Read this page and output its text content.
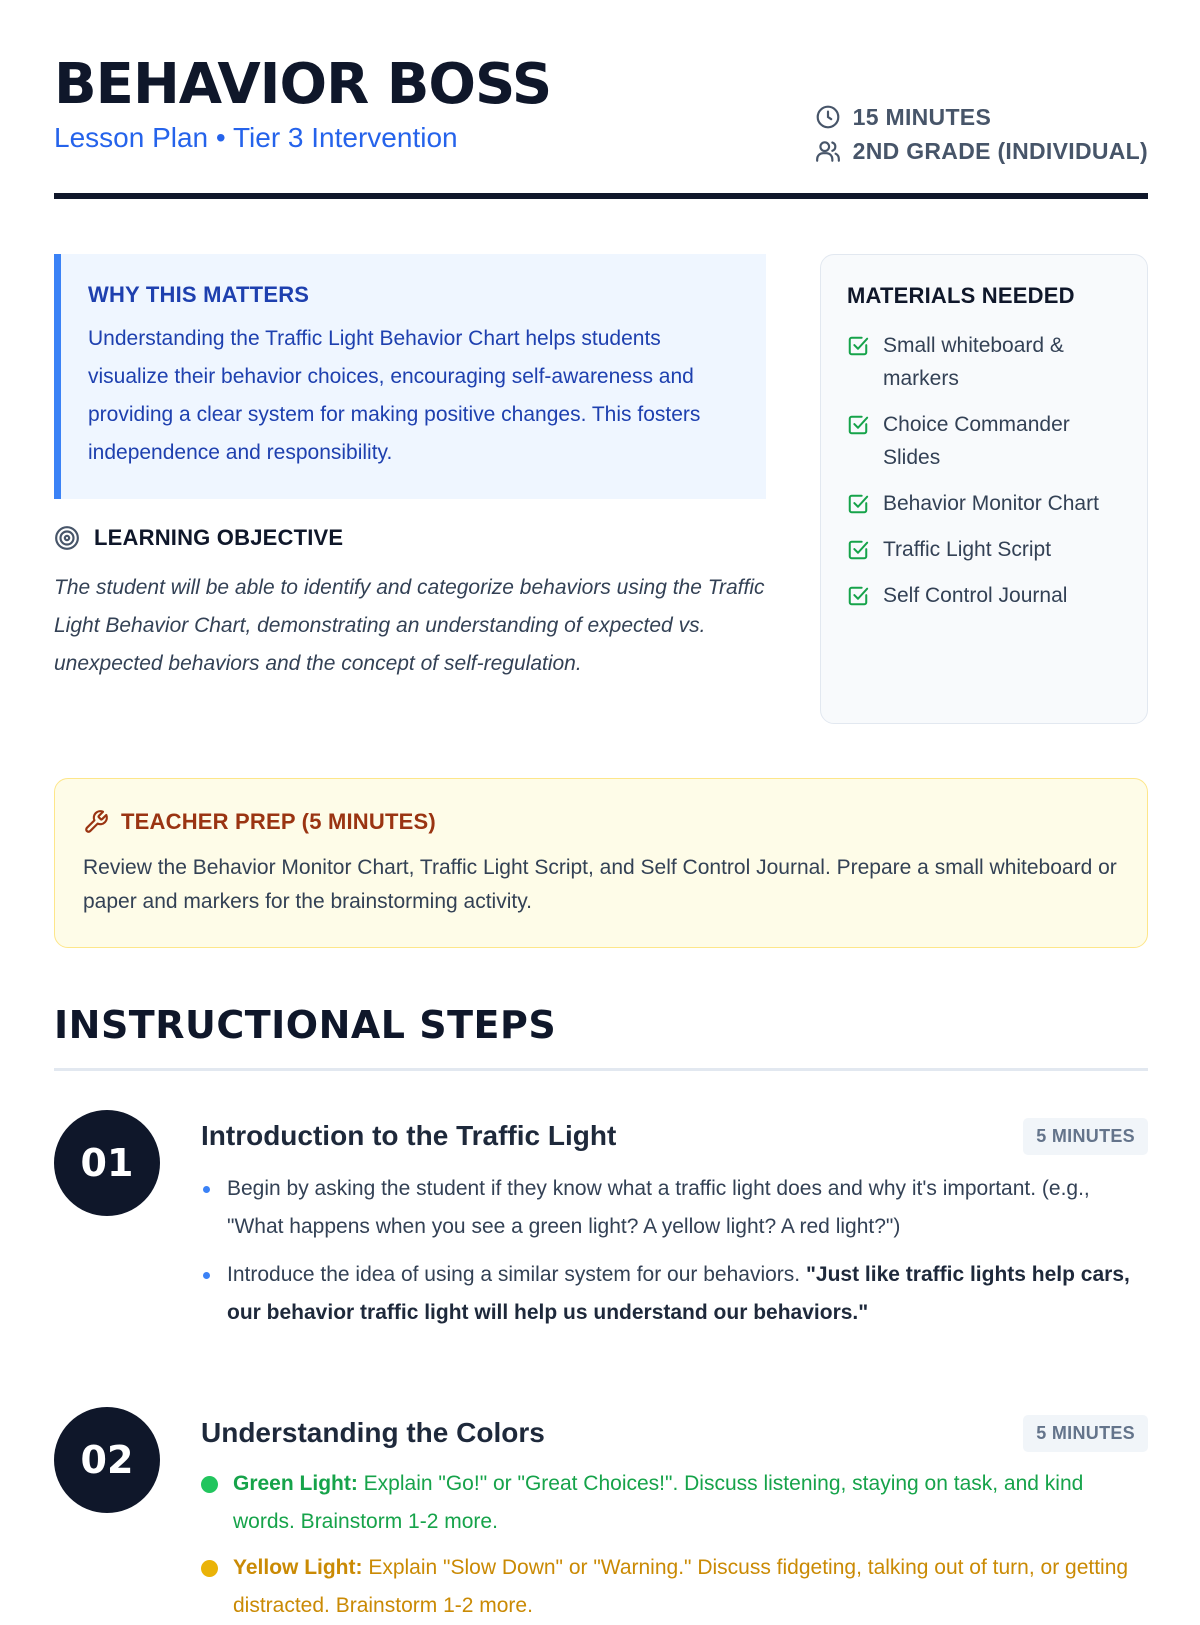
BEHAVIOR BOSS
Lesson Plan • Tier 3 Intervention
15 MINUTES
2ND GRADE (INDIVIDUAL)
WHY THIS MATTERS

Understanding the Traffic Light Behavior Chart helps students visualize their behavior choices, encouraging self-awareness and providing a clear system for making positive changes. This fosters independence and responsibility.

LEARNING OBJECTIVE

The student will be able to identify and categorize behaviors using the Traffic Light Behavior Chart, demonstrating an understanding of expected vs. unexpected behaviors and the concept of self-regulation.

MATERIALS NEEDED
Small whiteboard & markers
Choice Commander Slides
Behavior Monitor Chart
Traffic Light Script
Self Control Journal
TEACHER PREP (5 MINUTES)

Review the Behavior Monitor Chart, Traffic Light Script, and Self Control Journal. Prepare a small whiteboard or paper and markers for the brainstorming activity.

INSTRUCTIONAL STEPS
01
Introduction to the Traffic Light	5 MINUTES
Begin by asking the student if they know what a traffic light does and why it's important. (e.g., "What happens when you see a green light? A yellow light? A red light?")
Introduce the idea of using a similar system for our behaviors. "Just like traffic lights help cars, our behavior traffic light will help us understand our behaviors."
02
Understanding the Colors	5 MINUTES
Green Light: Explain "Go!" or "Great Choices!". Discuss listening, staying on task, and kind words. Brainstorm 1-2 more.
Yellow Light: Explain "Slow Down" or "Warning." Discuss fidgeting, talking out of turn, or getting distracted. Brainstorm 1-2 more.
